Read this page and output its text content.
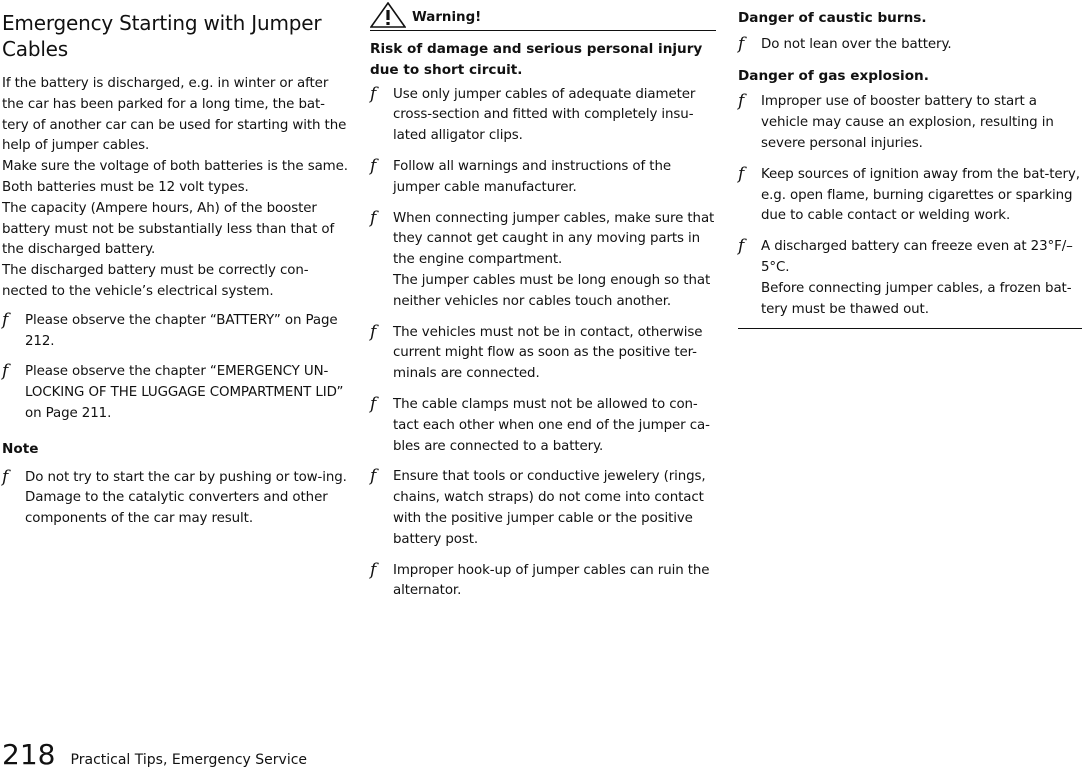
Emergency Starting with Jumper Cables

If the battery is discharged, e.g. in winter or after the car has been parked for a long time, the bat-tery of another car can be used for starting with the help of jumper cables.
Make sure the voltage of both batteries is the same. Both batteries must be 12 volt types.
The capacity (Ampere hours, Ah) of the booster battery must not be substantially less than that of the discharged battery.
The discharged battery must be correctly con-nected to the vehicle’s electrical system.

f Please observe the chapter “BATTERY” on Page 212.
f Please observe the chapter “EMERGENCY UN-LOCKING OF THE LUGGAGE COMPARTMENT LID” on Page 211.

Note

f Do not try to start the car by pushing or tow-ing. Damage to the catalytic converters and other components of the car may result.
Warning!

Risk of damage and serious personal injury due to short circuit.

f Use only jumper cables of adequate diameter cross-section and fitted with completely insu-lated alligator clips.
f Follow all warnings and instructions of the jumper cable manufacturer.
f When connecting jumper cables, make sure that they cannot get caught in any moving parts in the engine compartment.
The jumper cables must be long enough so that neither vehicles nor cables touch another.
f The vehicles must not be in contact, otherwise current might flow as soon as the positive ter-minals are connected.
f The cable clamps must not be allowed to con-tact each other when one end of the jumper ca-bles are connected to a battery.
f Ensure that tools or conductive jewelery (rings, chains, watch straps) do not come into contact with the positive jumper cable or the positive battery post.
f Improper hook-up of jumper cables can ruin the alternator.

Danger of caustic burns.

f Do not lean over the battery.

Danger of gas explosion.

f Improper use of booster battery to start a vehicle may cause an explosion, resulting in severe personal injuries.
f Keep sources of ignition away from the bat-tery, e.g. open flame, burning cigarettes or sparking due to cable contact or welding work.
f A discharged battery can freeze even at 23°F/–5°C.
Before connecting jumper cables, a frozen bat-tery must be thawed out.
218 Practical Tips, Emergency Service
